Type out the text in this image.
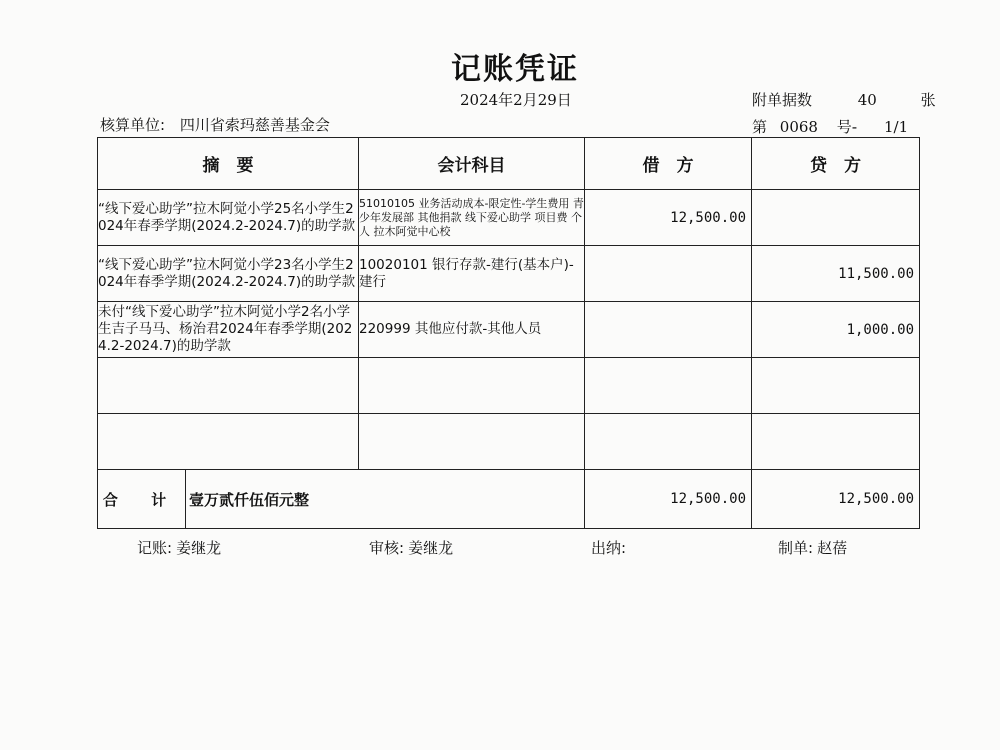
记账凭证
2024年2月29日	附单据数	40	张
核算单位: 四川省索玛慈善基金会	第 0068 号- 1/1
摘　要		会计科目	借　方	贷　方
“线下爱心助学”拉木阿觉小学25名小学生2024年春季学期(2024.2-2024.7)的助学款		51010105 业务活动成本-限定性-学生费用 青少年发展部 其他捐款 线下爱心助学 项目费 个人 拉木阿觉中心校	12,500.00	
“线下爱心助学”拉木阿觉小学23名小学生2024年春季学期(2024.2-2024.7)的助学款		10020101 银行存款-建行(基本户)-建行		11,500.00
未付“线下爱心助学”拉木阿觉小学2名小学生吉子马马、杨治君2024年春季学期(2024.2-2024.7)的助学款		220999 其他应付款-其他人员		1,000.00

合 计	壹万贰仟伍佰元整		12,500.00	12,500.00
记账: 姜继龙	审核: 姜继龙	出纳:	制单: 赵蓓
